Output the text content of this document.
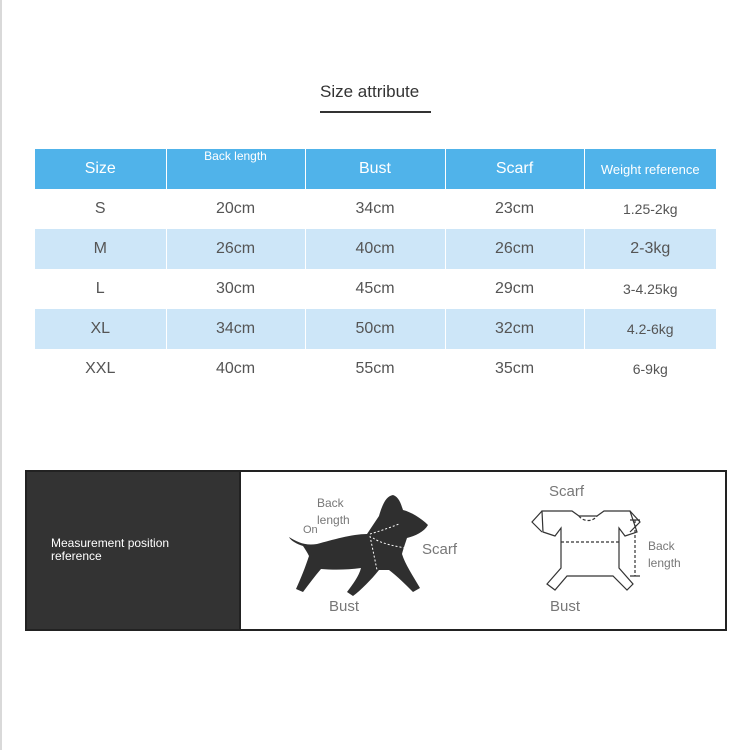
Size attribute
Size	Back length	Bust	Scarf	Weight reference
S	20cm	34cm	23cm	1.25-2kg
M	26cm	40cm	26cm	2-3kg
L	30cm	45cm	29cm	3-4.25kg
XL	34cm	50cm	32cm	4.2-6kg
XXL	40cm	55cm	35cm	6-9kg
Measurement position
reference
Back
length
On
Scarf
Bust
Scarf
Back
length
Bust
